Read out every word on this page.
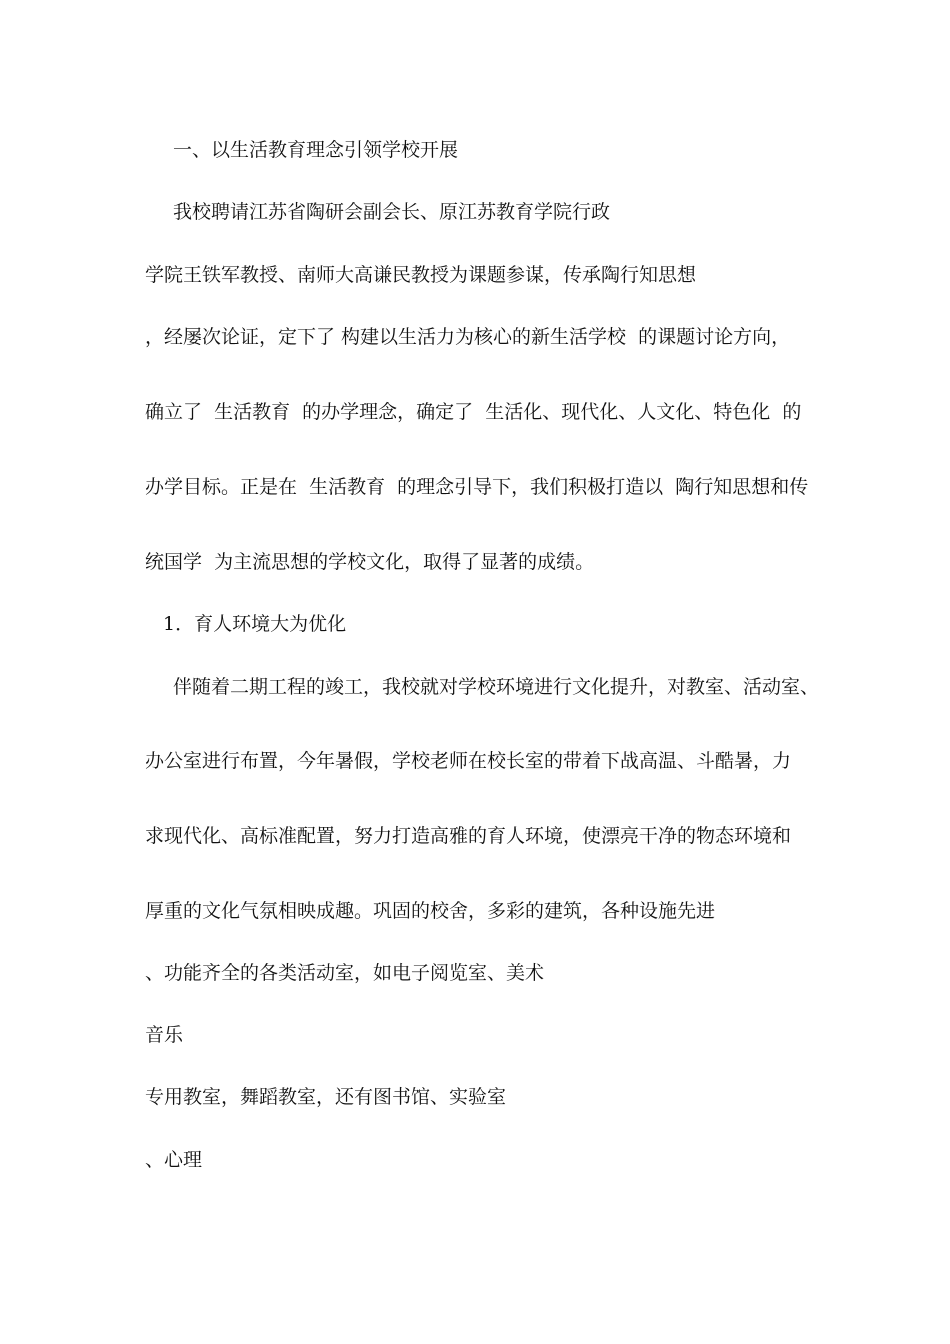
一、以生活教育理念引领学校开展
我校聘请江苏省陶研会副会长、原江苏教育学院行政
学院王铁军教授、南师大高谦民教授为课题参谋，传承陶行知思想
，经屡次论证，定下了 构建以生活力为核心的新生活学校  的课题讨论方向，
确立了  生活教育  的办学理念，确定了  生活化、现代化、人文化、特色化  的
办学目标。正是在  生活教育  的理念引导下，我们积极打造以  陶行知思想和传
统国学  为主流思想的学校文化，取得了显著的成绩。
1．育人环境大为优化
伴随着二期工程的竣工，我校就对学校环境进行文化提升，对教室、活动室、
办公室进行布置，今年暑假，学校老师在校长室的带着下战高温、斗酷暑，力
求现代化、高标准配置，努力打造高雅的育人环境，使漂亮干净的物态环境和
厚重的文化气氛相映成趣。巩固的校舍，多彩的建筑，各种设施先进
、功能齐全的各类活动室，如电子阅览室、美术
音乐
专用教室，舞蹈教室，还有图书馆、实验室
、心理
